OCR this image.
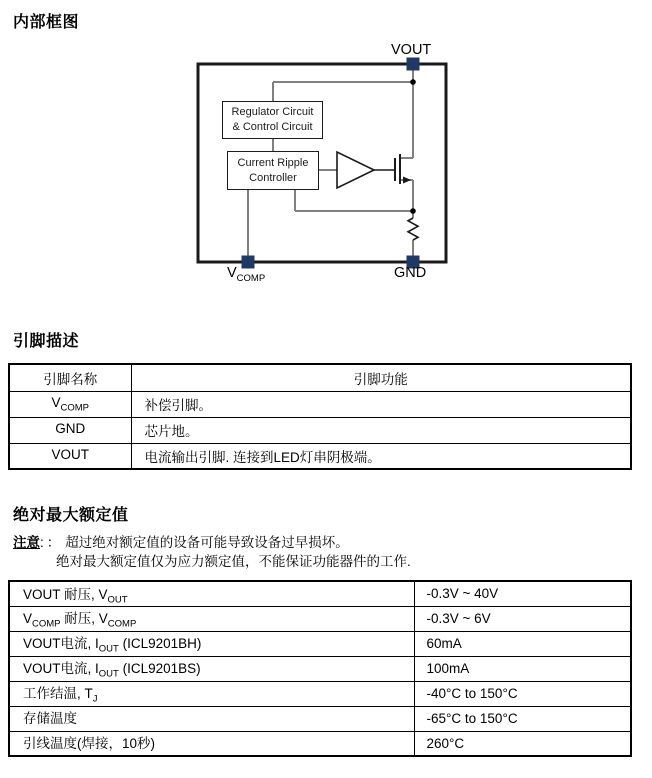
内部框图
Regulator Circuit
& Control Circuit
Current Ripple
Controller
VOUT
$V_{COMP}$	GND
引脚描述
引脚名称	引脚功能
$V_{COMP}$	补偿引脚。
GND	芯片地。
VOUT	电流输出引脚. 连接到LED灯串阴极端。
绝对最大额定值
注意: ： 超过绝对额定值的设备可能导致设备过早损坏。
绝对最大额定值仅为应力额定值，不能保证功能器件的工作.
VOUT 耐压, $V_{OUT}$	-0.3V ~ 40V
$V_{COMP}$ 耐压, $V_{COMP}$	-0.3V ~ 6V
VOUT电流, $I_{OUT}$ (ICL9201BH)	60mA
VOUT电流, $I_{OUT}$ (ICL9201BS)	100mA
工作结温, $T_J$	-40°C to 150°C
存储温度	-65°C to 150°C
引线温度(焊接，10秒)	260°C
